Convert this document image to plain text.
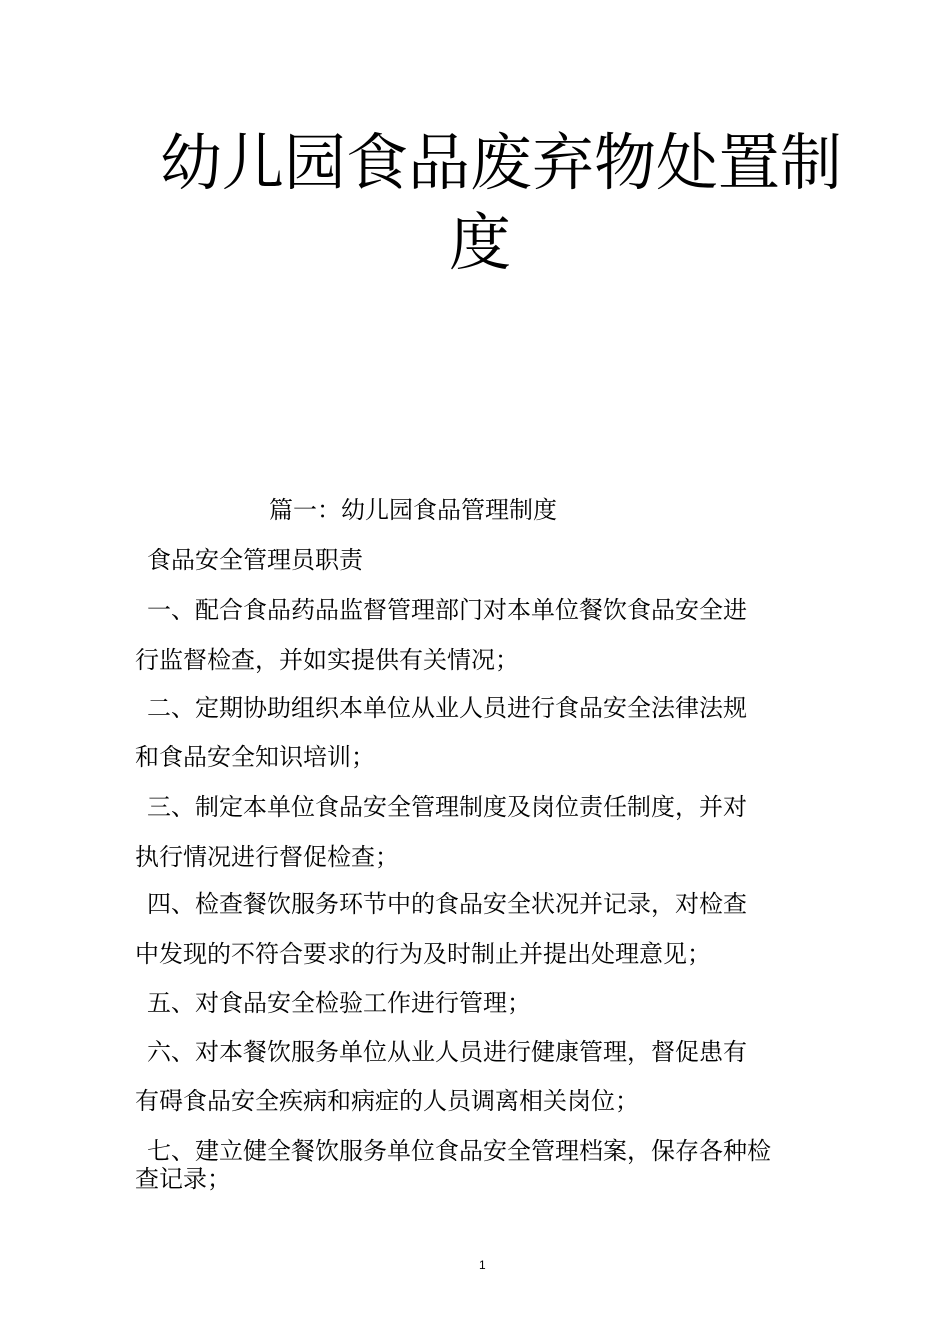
幼儿园食品废弃物处置制
度
篇一：幼儿园食品管理制度
食品安全管理员职责
一、配合食品药品监督管理部门对本单位餐饮食品安全进
行监督检查，并如实提供有关情况；
二、定期协助组织本单位从业人员进行食品安全法律法规
和食品安全知识培训；
三、制定本单位食品安全管理制度及岗位责任制度，并对
执行情况进行督促检查；
四、检查餐饮服务环节中的食品安全状况并记录，对检查
中发现的不符合要求的行为及时制止并提出处理意见；
五、对食品安全检验工作进行管理；
六、对本餐饮服务单位从业人员进行健康管理，督促患有
有碍食品安全疾病和病症的人员调离相关岗位；
七、建立健全餐饮服务单位食品安全管理档案，保存各种检
查记录；
1
